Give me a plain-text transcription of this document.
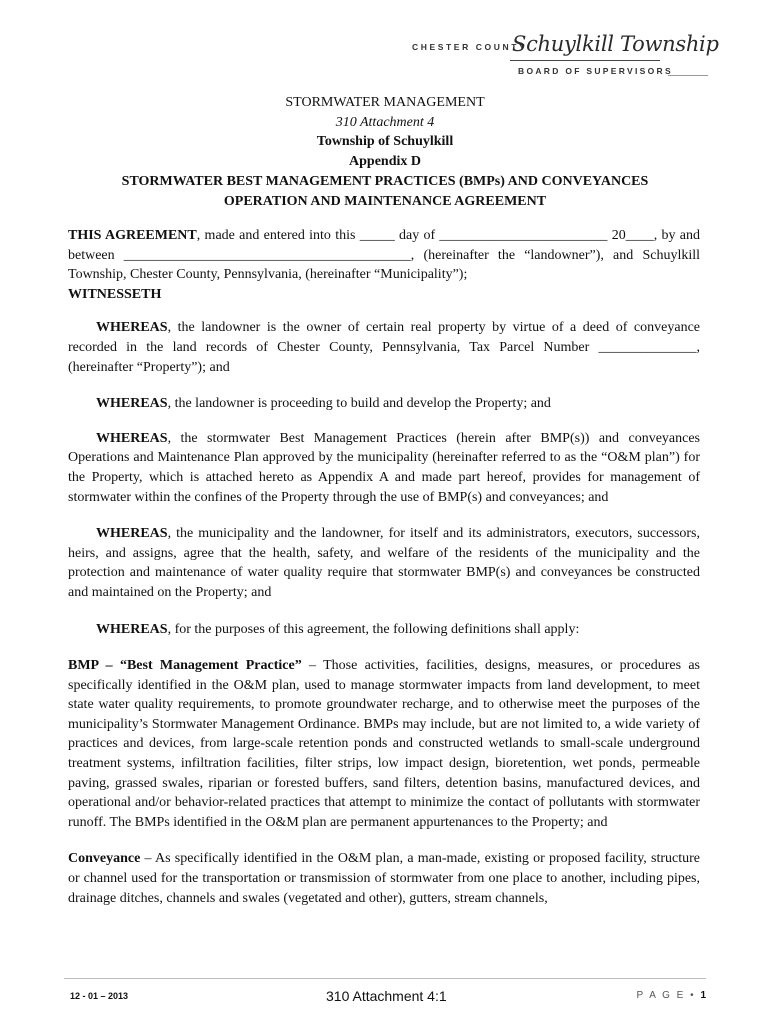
CHESTER COUNTY
Schuylkill Township
BOARD OF SUPERVISORS
STORMWATER MANAGEMENT
310 Attachment 4
Township of Schuylkill
Appendix D
STORMWATER BEST MANAGEMENT PRACTICES (BMPs) AND CONVEYANCES
OPERATION AND MAINTENANCE AGREEMENT

THIS AGREEMENT, made and entered into this _____ day of ________________________ 20____, by and between _________________________________________, (hereinafter the “landowner”), and Schuylkill Township, Chester County, Pennsylvania, (hereinafter “Municipality”);

WITNESSETH

WHEREAS, the landowner is the owner of certain real property by virtue of a deed of conveyance recorded in the land records of Chester County, Pennsylvania, Tax Parcel Number ______________, (hereinafter “Property”); and

WHEREAS, the landowner is proceeding to build and develop the Property; and

WHEREAS, the stormwater Best Management Practices (herein after BMP(s)) and conveyances Operations and Maintenance Plan approved by the municipality (hereinafter referred to as the “O&M plan”) for the Property, which is attached hereto as Appendix A and made part hereof, provides for management of stormwater within the confines of the Property through the use of BMP(s) and conveyances; and

WHEREAS, the municipality and the landowner, for itself and its administrators, executors, successors, heirs, and assigns, agree that the health, safety, and welfare of the residents of the municipality and the protection and maintenance of water quality require that stormwater BMP(s) and conveyances be constructed and maintained on the Property; and

WHEREAS, for the purposes of this agreement, the following definitions shall apply:

BMP – “Best Management Practice” – Those activities, facilities, designs, measures, or procedures as specifically identified in the O&M plan, used to manage stormwater impacts from land development, to meet state water quality requirements, to promote groundwater recharge, and to otherwise meet the purposes of the municipality’s Stormwater Management Ordinance. BMPs may include, but are not limited to, a wide variety of practices and devices, from large-scale retention ponds and constructed wetlands to small-scale underground treatment systems, infiltration facilities, filter strips, low impact design, bioretention, wet ponds, permeable paving, grassed swales, riparian or forested buffers, sand filters, detention basins, manufactured devices, and operational and/or behavior-related practices that attempt to minimize the contact of pollutants with stormwater runoff. The BMPs identified in the O&M plan are permanent appurtenances to the Property; and

Conveyance – As specifically identified in the O&M plan, a man-made, existing or proposed facility, structure or channel used for the transportation or transmission of stormwater from one place to another, including pipes, drainage ditches, channels and swales (vegetated and other), gutters, stream channels,

12 - 01 – 2013	310 Attachment 4:1	P A G E • 1
